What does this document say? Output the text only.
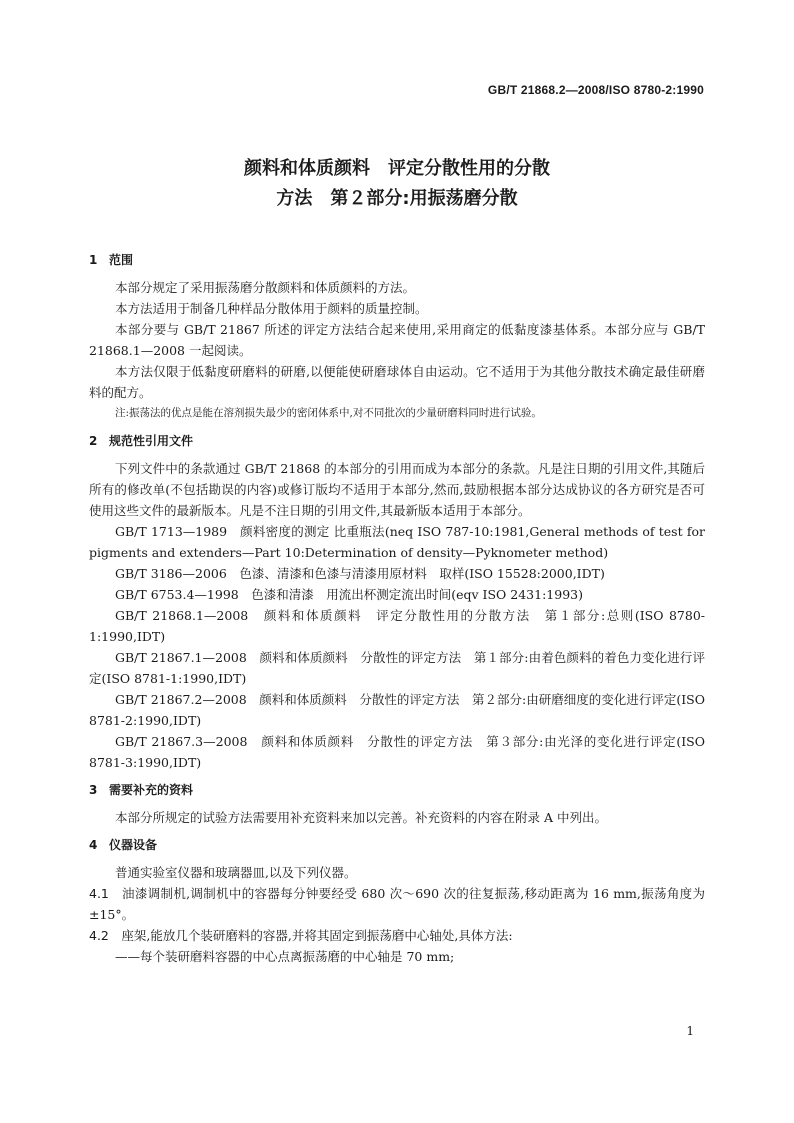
GB/T 21868.2—2008/ISO 8780-2:1990
颜料和体质颜料　评定分散性用的分散
方法　第２部分:用振荡磨分散
1 范围

本部分规定了采用振荡磨分散颜料和体质颜料的方法。

本方法适用于制备几种样品分散体用于颜料的质量控制。

本部分要与 GB/T 21867 所述的评定方法结合起来使用,采用商定的低黏度漆基体系。本部分应与 GB/T 21868.1—2008 一起阅读。

本方法仅限于低黏度研磨料的研磨,以便能使研磨球体自由运动。它不适用于为其他分散技术确定最佳研磨料的配方。

注:振荡法的优点是能在溶剂损失最少的密闭体系中,对不同批次的少量研磨料同时进行试验。

2 规范性引用文件

下列文件中的条款通过 GB/T 21868 的本部分的引用而成为本部分的条款。凡是注日期的引用文件,其随后所有的修改单(不包括勘误的内容)或修订版均不适用于本部分,然而,鼓励根据本部分达成协议的各方研究是否可使用这些文件的最新版本。凡是不注日期的引用文件,其最新版本适用于本部分。

GB/T 1713—1989　颜料密度的测定 比重瓶法(neq ISO 787-10:1981,General methods of test for pigments and extenders—Part 10:Determination of density—Pyknometer method)

GB/T 3186—2006　色漆、清漆和色漆与清漆用原材料　取样(ISO 15528:2000,IDT)

GB/T 6753.4—1998　色漆和清漆　用流出杯测定流出时间(eqv ISO 2431:1993)

GB/T 21868.1—2008　颜料和体质颜料　评定分散性用的分散方法　第１部分:总则(ISO 8780-1:1990,IDT)

GB/T 21867.1—2008　颜料和体质颜料　分散性的评定方法　第１部分:由着色颜料的着色力变化进行评定(ISO 8781-1:1990,IDT)

GB/T 21867.2—2008　颜料和体质颜料　分散性的评定方法　第２部分:由研磨细度的变化进行评定(ISO 8781-2:1990,IDT)

GB/T 21867.3—2008　颜料和体质颜料　分散性的评定方法　第３部分:由光泽的变化进行评定(ISO 8781-3:1990,IDT)

3 需要补充的资料

本部分所规定的试验方法需要用补充资料来加以完善。补充资料的内容在附录 A 中列出。

4 仪器设备

普通实验室仪器和玻璃器皿,以及下列仪器。

4.1　 油漆调制机,调制机中的容器每分钟要经受 680 次～690 次的往复振荡,移动距离为 16 mm,振荡角度为±15°。

4.2　 座架,能放几个装研磨料的容器,并将其固定到振荡磨中心轴处,具体方法:

——每个装研磨料容器的中心点离振荡磨的中心轴是 70 mm;

1
